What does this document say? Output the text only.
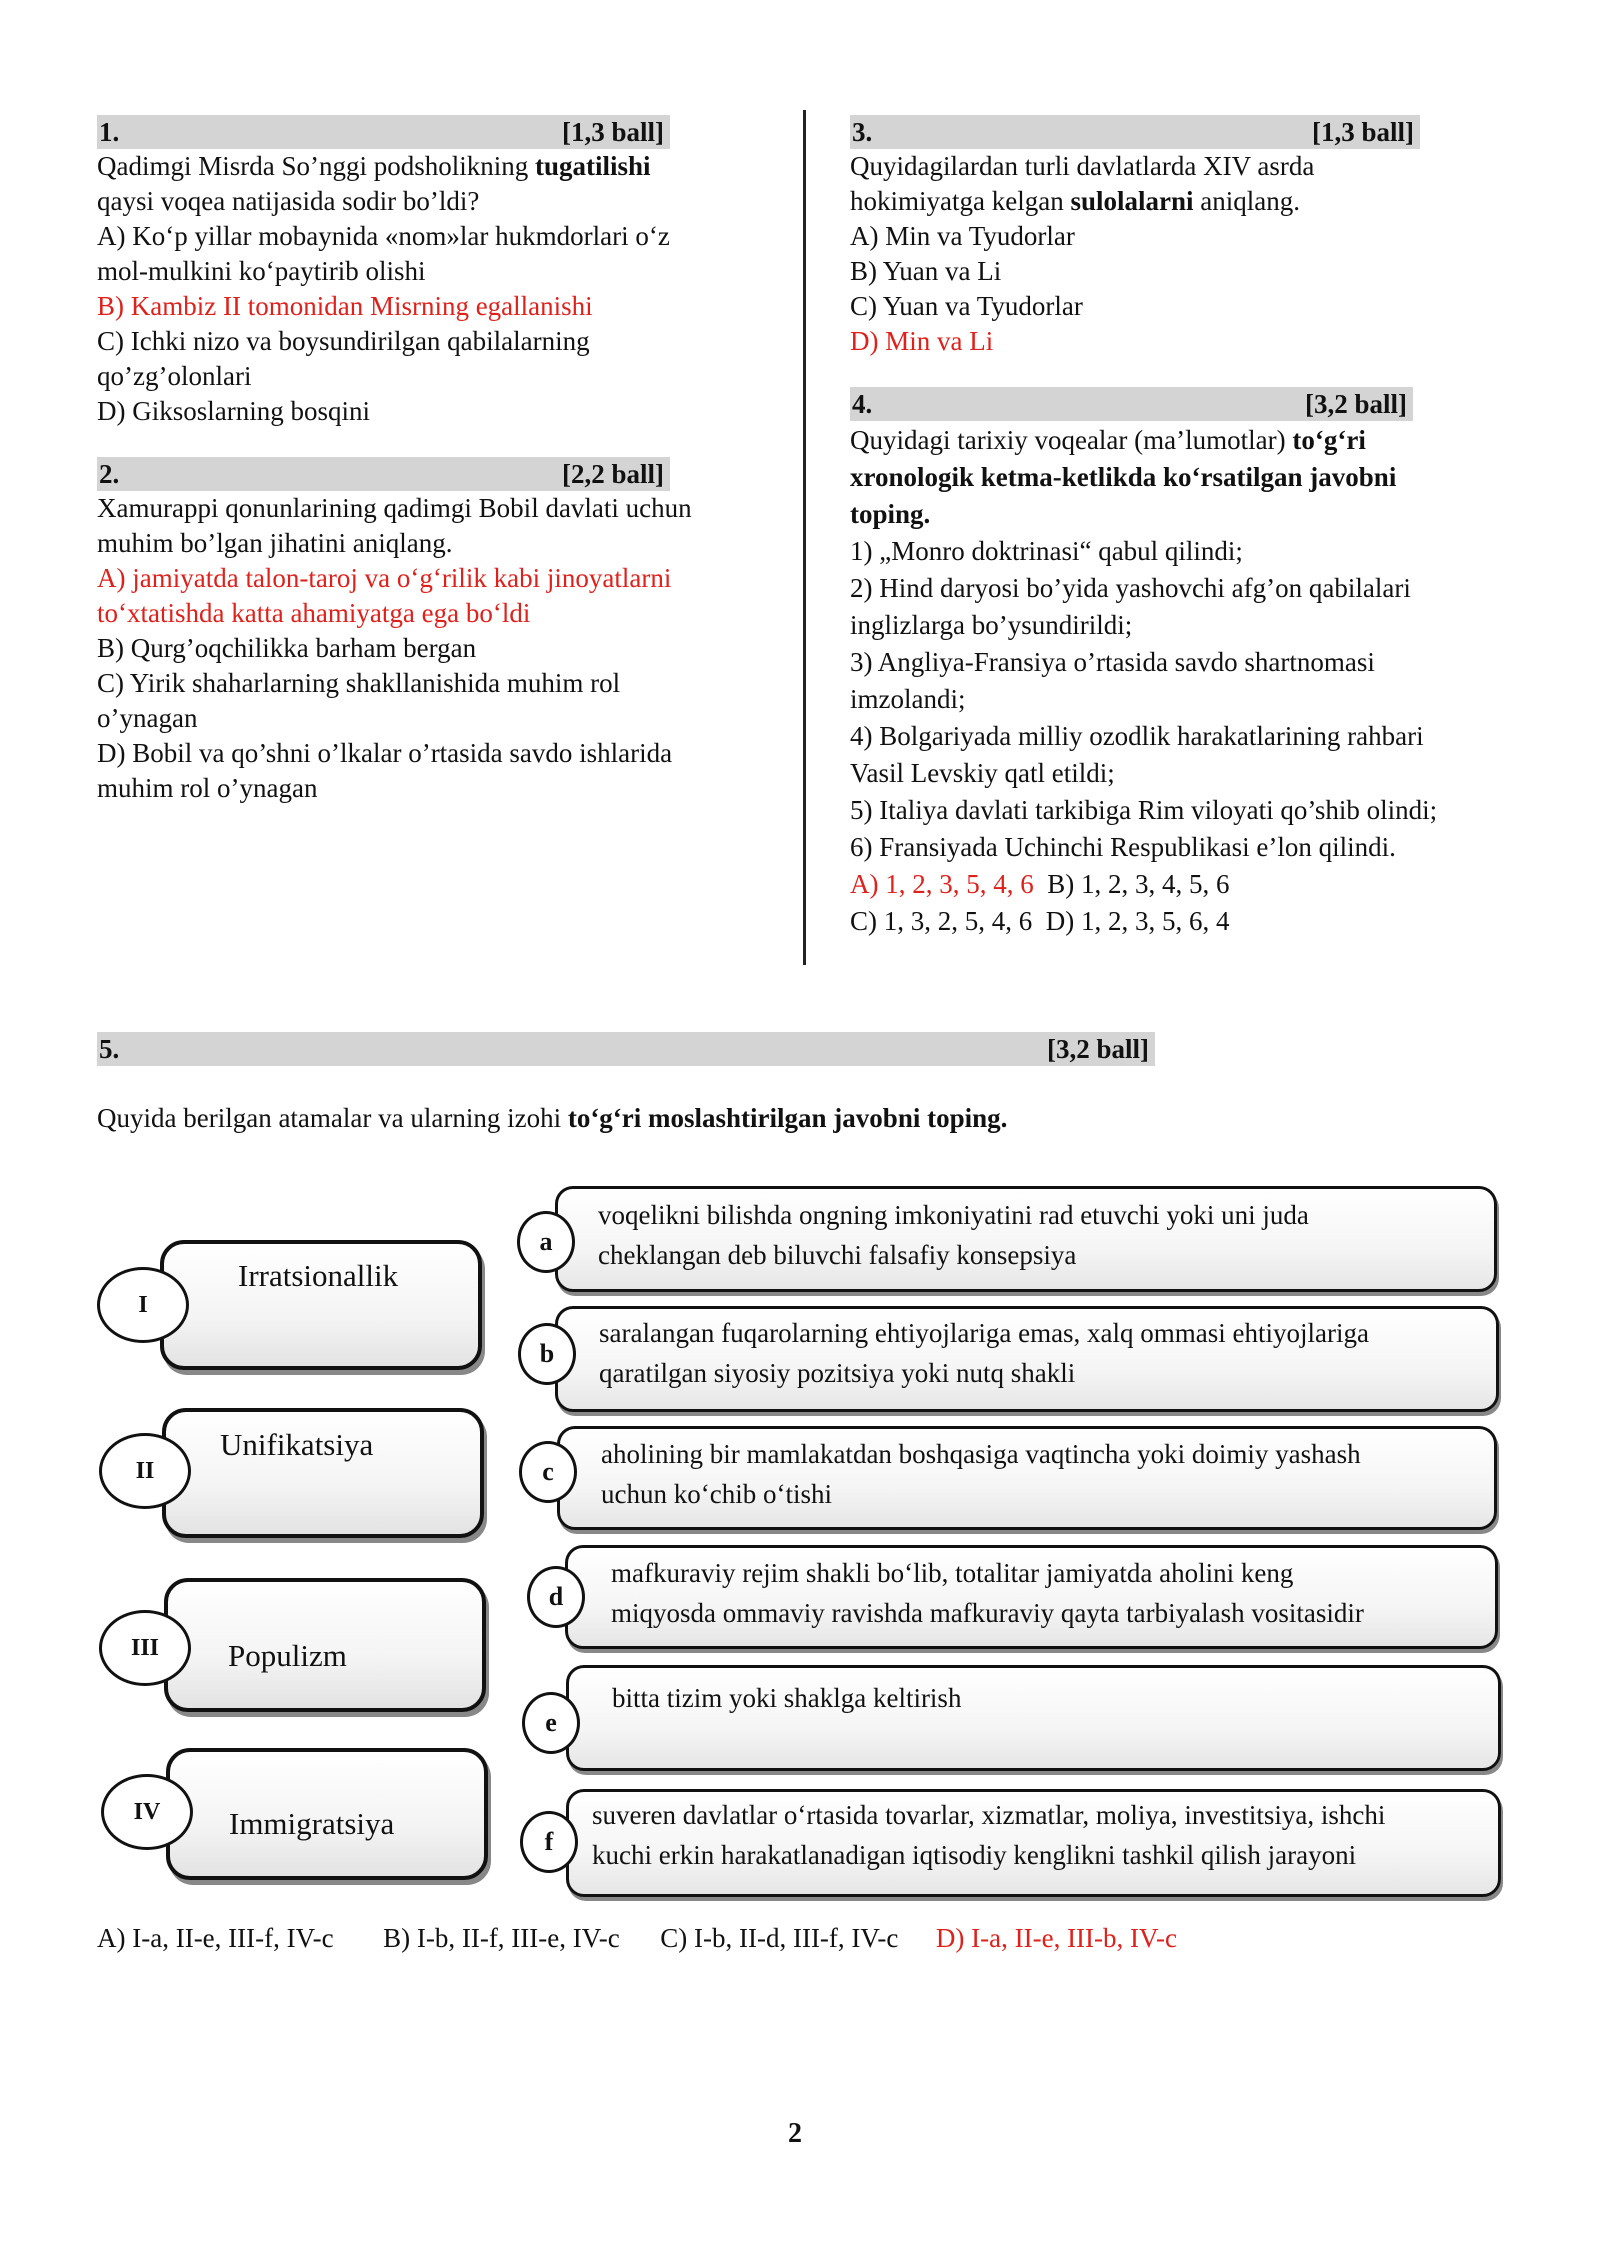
1.	[1,3 ball]
Qadimgi Misrda So’nggi podsholikning tugatilishi
qaysi voqea natijasida sodir bo’ldi?
A) Ko‘p yillar mobaynida «nom»lar hukmdorlari o‘z
mol-mulkini ko‘paytirib olishi
B) Kambiz II tomonidan Misrning egallanishi
C) Ichki nizo va boysundirilgan qabilalarning
qo’zg’olonlari
D) Giksoslarning bosqini
2.	[2,2 ball]
Xamurappi qonunlarining qadimgi Bobil davlati uchun
muhim bo’lgan jihatini aniqlang.
A) jamiyatda talon-taroj va o‘g‘rilik kabi jinoyatlarni
to‘xtatishda katta ahamiyatga ega bo‘ldi
B) Qurg’oqchilikka barham bergan
C) Yirik shaharlarning shakllanishida muhim rol
o’ynagan
D) Bobil va qo’shni o’lkalar o’rtasida savdo ishlarida
muhim rol o’ynagan
3.	[1,3 ball]
Quyidagilardan turli davlatlarda XIV asrda
hokimiyatga kelgan sulolalarni aniqlang.
A) Min va Tyudorlar
B) Yuan va Li
C) Yuan va Tyudorlar
D) Min va Li
4.	[3,2 ball]
Quyidagi tarixiy voqealar (ma’lumotlar) to‘g‘ri
xronologik ketma-ketlikda ko‘rsatilgan javobni
toping.
1) „Monro doktrinasi“ qabul qilindi;
2) Hind daryosi bo’yida yashovchi afg’on qabilalari
inglizlarga bo’ysundirildi;
3) Angliya-Fransiya o’rtasida savdo shartnomasi
imzolandi;
4) Bolgariyada milliy ozodlik harakatlarining rahbari
Vasil Levskiy qatl etildi;
5) Italiya davlati tarkibiga Rim viloyati qo’shib olindi;
6) Fransiyada Uchinchi Respublikasi e’lon qilindi.
A) 1, 2, 3, 5, 4, 6 B) 1, 2, 3, 4, 5, 6
C) 1, 3, 2, 5, 4, 6 D) 1, 2, 3, 5, 6, 4
5.	[3,2 ball]
Quyida berilgan atamalar va ularning izohi to‘g‘ri moslashtirilgan javobni toping.
Irratsionallik
I
Unifikatsiya
II
Populizm
III
Immigratsiya
IV
voqelikni bilishda ongning imkoniyatini rad etuvchi yoki uni juda
cheklangan deb biluvchi falsafiy konsepsiya
a
saralangan fuqarolarning ehtiyojlariga emas, xalq ommasi ehtiyojlariga
qaratilgan siyosiy pozitsiya yoki nutq shakli
b
aholining bir mamlakatdan boshqasiga vaqtincha yoki doimiy yashash
uchun ko‘chib o‘tishi
c
mafkuraviy rejim shakli bo‘lib, totalitar jamiyatda aholini keng
miqyosda ommaviy ravishda mafkuraviy qayta tarbiyalash vositasidir
d
bitta tizim yoki shaklga keltirish
e
suveren davlatlar o‘rtasida tovarlar, xizmatlar, moliya, investitsiya, ishchi
kuchi erkin harakatlanadigan iqtisodiy kenglikni tashkil qilish jarayoni
f
A) I-a, II-e, III-f, IV-c B) I-b, II-f, III-e, IV-c C) I-b, II-d, III-f, IV-c D) I-a, II-e, III-b, IV-c
2
